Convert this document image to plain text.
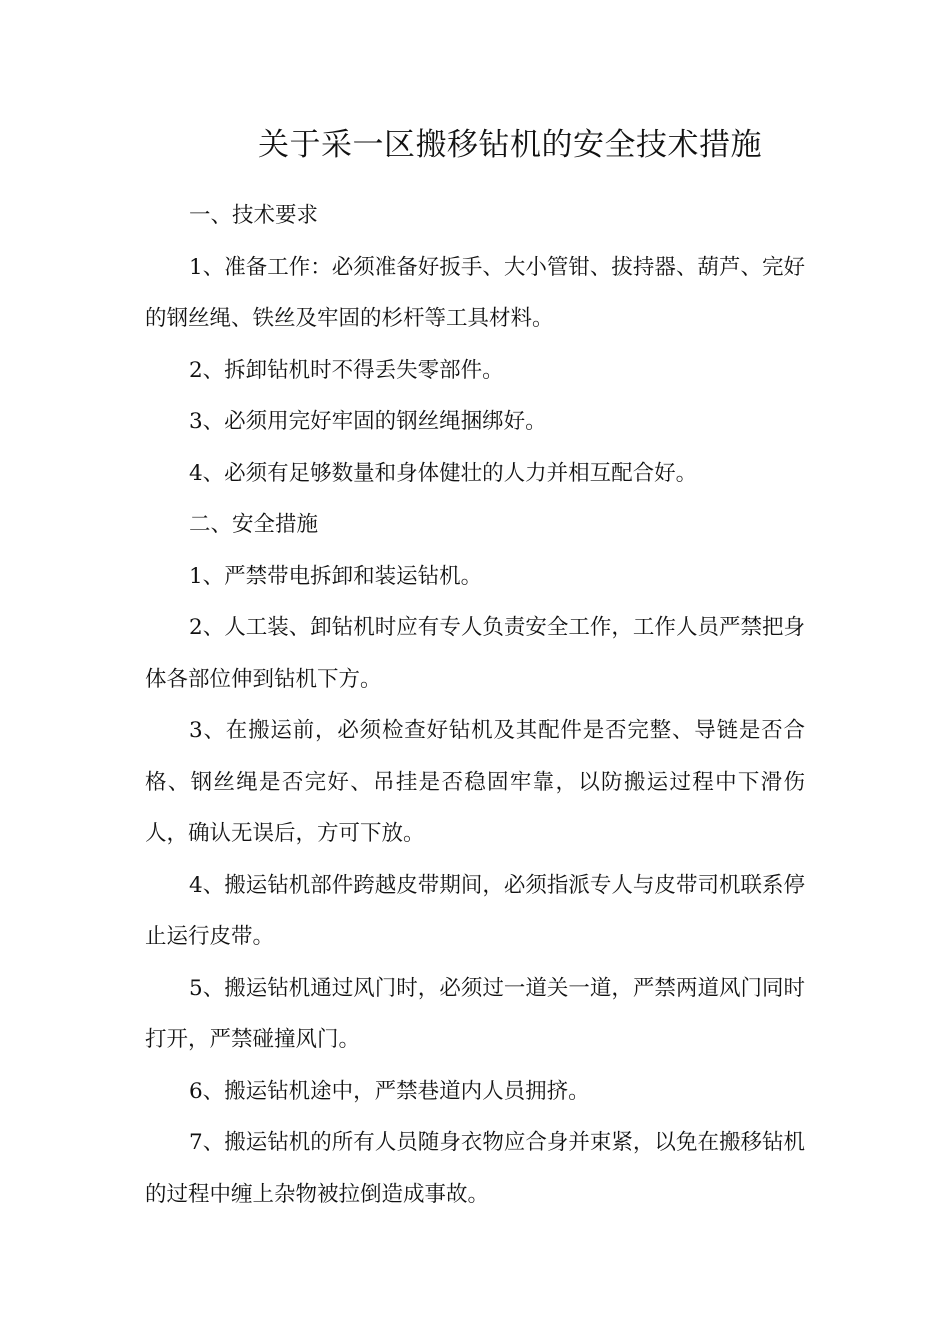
关于采一区搬移钻机的安全技术措施

一、技术要求

1、准备工作：必须准备好扳手、大小管钳、拔持器、葫芦、完好的钢丝绳、铁丝及牢固的杉杆等工具材料。

2、拆卸钻机时不得丢失零部件。

3、必须用完好牢固的钢丝绳捆绑好。

4、必须有足够数量和身体健壮的人力并相互配合好。

二、安全措施

1、严禁带电拆卸和装运钻机。

2、人工装、卸钻机时应有专人负责安全工作，工作人员严禁把身体各部位伸到钻机下方。

3、在搬运前，必须检查好钻机及其配件是否完整、导链是否合格、钢丝绳是否完好、吊挂是否稳固牢靠，以防搬运过程中下滑伤人，确认无误后，方可下放。

4、搬运钻机部件跨越皮带期间，必须指派专人与皮带司机联系停止运行皮带。

5、搬运钻机通过风门时，必须过一道关一道，严禁两道风门同时打开，严禁碰撞风门。

6、搬运钻机途中，严禁巷道内人员拥挤。

7、搬运钻机的所有人员随身衣物应合身并束紧，以免在搬移钻机的过程中缠上杂物被拉倒造成事故。
